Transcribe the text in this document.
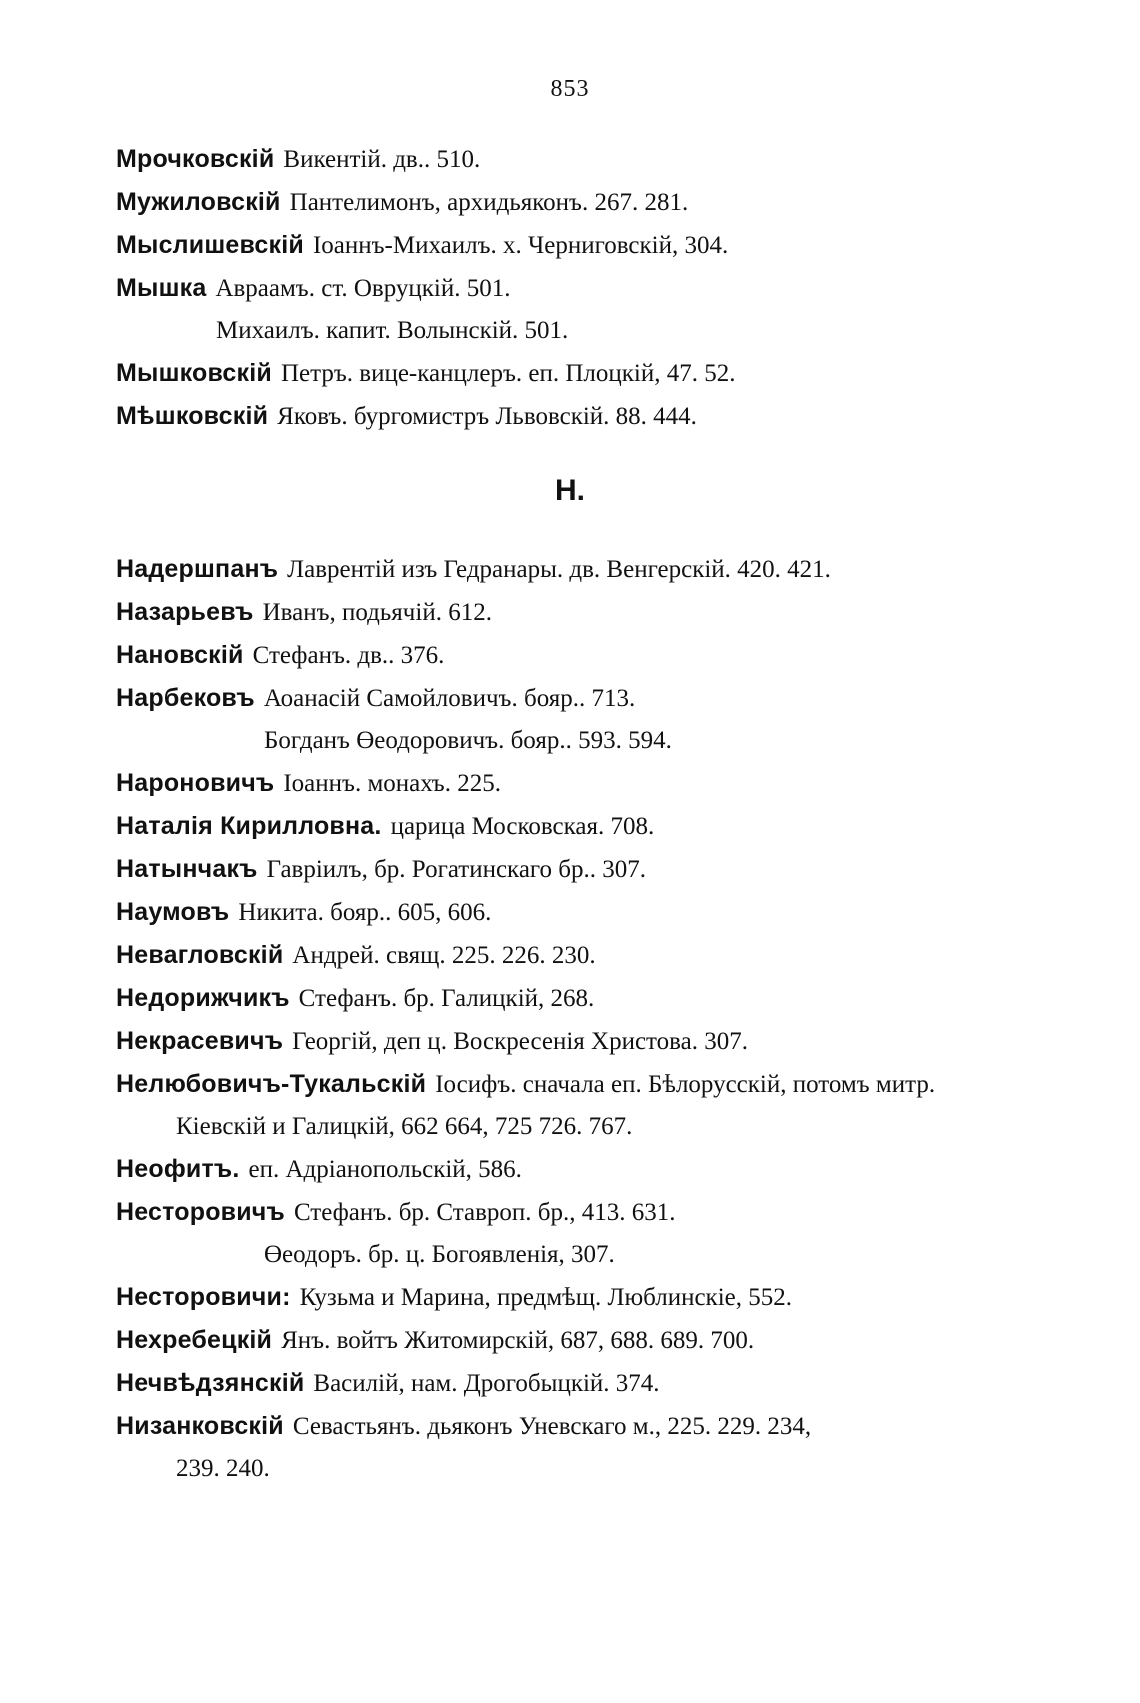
853
Мрочковскій Викентій. дв.. 510.
Мужиловскій Пантелимонъ, архидьяконъ. 267. 281.
Мыслишевскій Іоаннъ-Михаилъ. х. Черниговскій, 304.
Мышка Авраамъ. ст. Овруцкій. 501.
Михаилъ. капит. Волынскій. 501.
Мышковскій Петръ. вице-канцлеръ. еп. Плоцкій, 47. 52.
Мѣшковскій Яковъ. бургомистръ Львовскій. 88. 444.
Н.
Надершпанъ Лаврентій изъ Гедранары. дв. Венгерскій. 420. 421.
Назарьевъ Иванъ, подьячій. 612.
Нановскій Стефанъ. дв.. 376.
Нарбековъ Аоанасій Самойловичъ. бояр.. 713.
Богданъ Өеодоровичъ. бояр.. 593. 594.
Нароновичъ Іоаннъ. монахъ. 225.
Наталія Кирилловна. царица Московская. 708.
Натынчакъ Гавріилъ, бр. Рогатинскаго бр.. 307.
Наумовъ Никита. бояр.. 605, 606.
Невагловскій Андрей. свящ. 225. 226. 230.
Недорижчикъ Стефанъ. бр. Галицкій, 268.
Некрасевичъ Георгій, деп ц. Воскресенія Христова. 307.
Нелюбовичъ-Тукальскій Іосифъ. сначала еп. Бѣлорусскій, потомъ митр.
Кіевскій и Галицкій, 662 664, 725 726. 767.
Неофитъ. еп. Адріанопольскій, 586.
Несторовичъ Стефанъ. бр. Ставроп. бр., 413. 631.
Өеодоръ. бр. ц. Богоявленія, 307.
Несторовичи: Кузьма и Марина, предмѣщ. Люблинскіе, 552.
Нехребецкій Янъ. войтъ Житомирскій, 687, 688. 689. 700.
Нечвѣдзянскій Василій, нам. Дрогобыцкій. 374.
Низанковскій Севастьянъ. дьяконъ Уневскаго м., 225. 229. 234,
239. 240.
